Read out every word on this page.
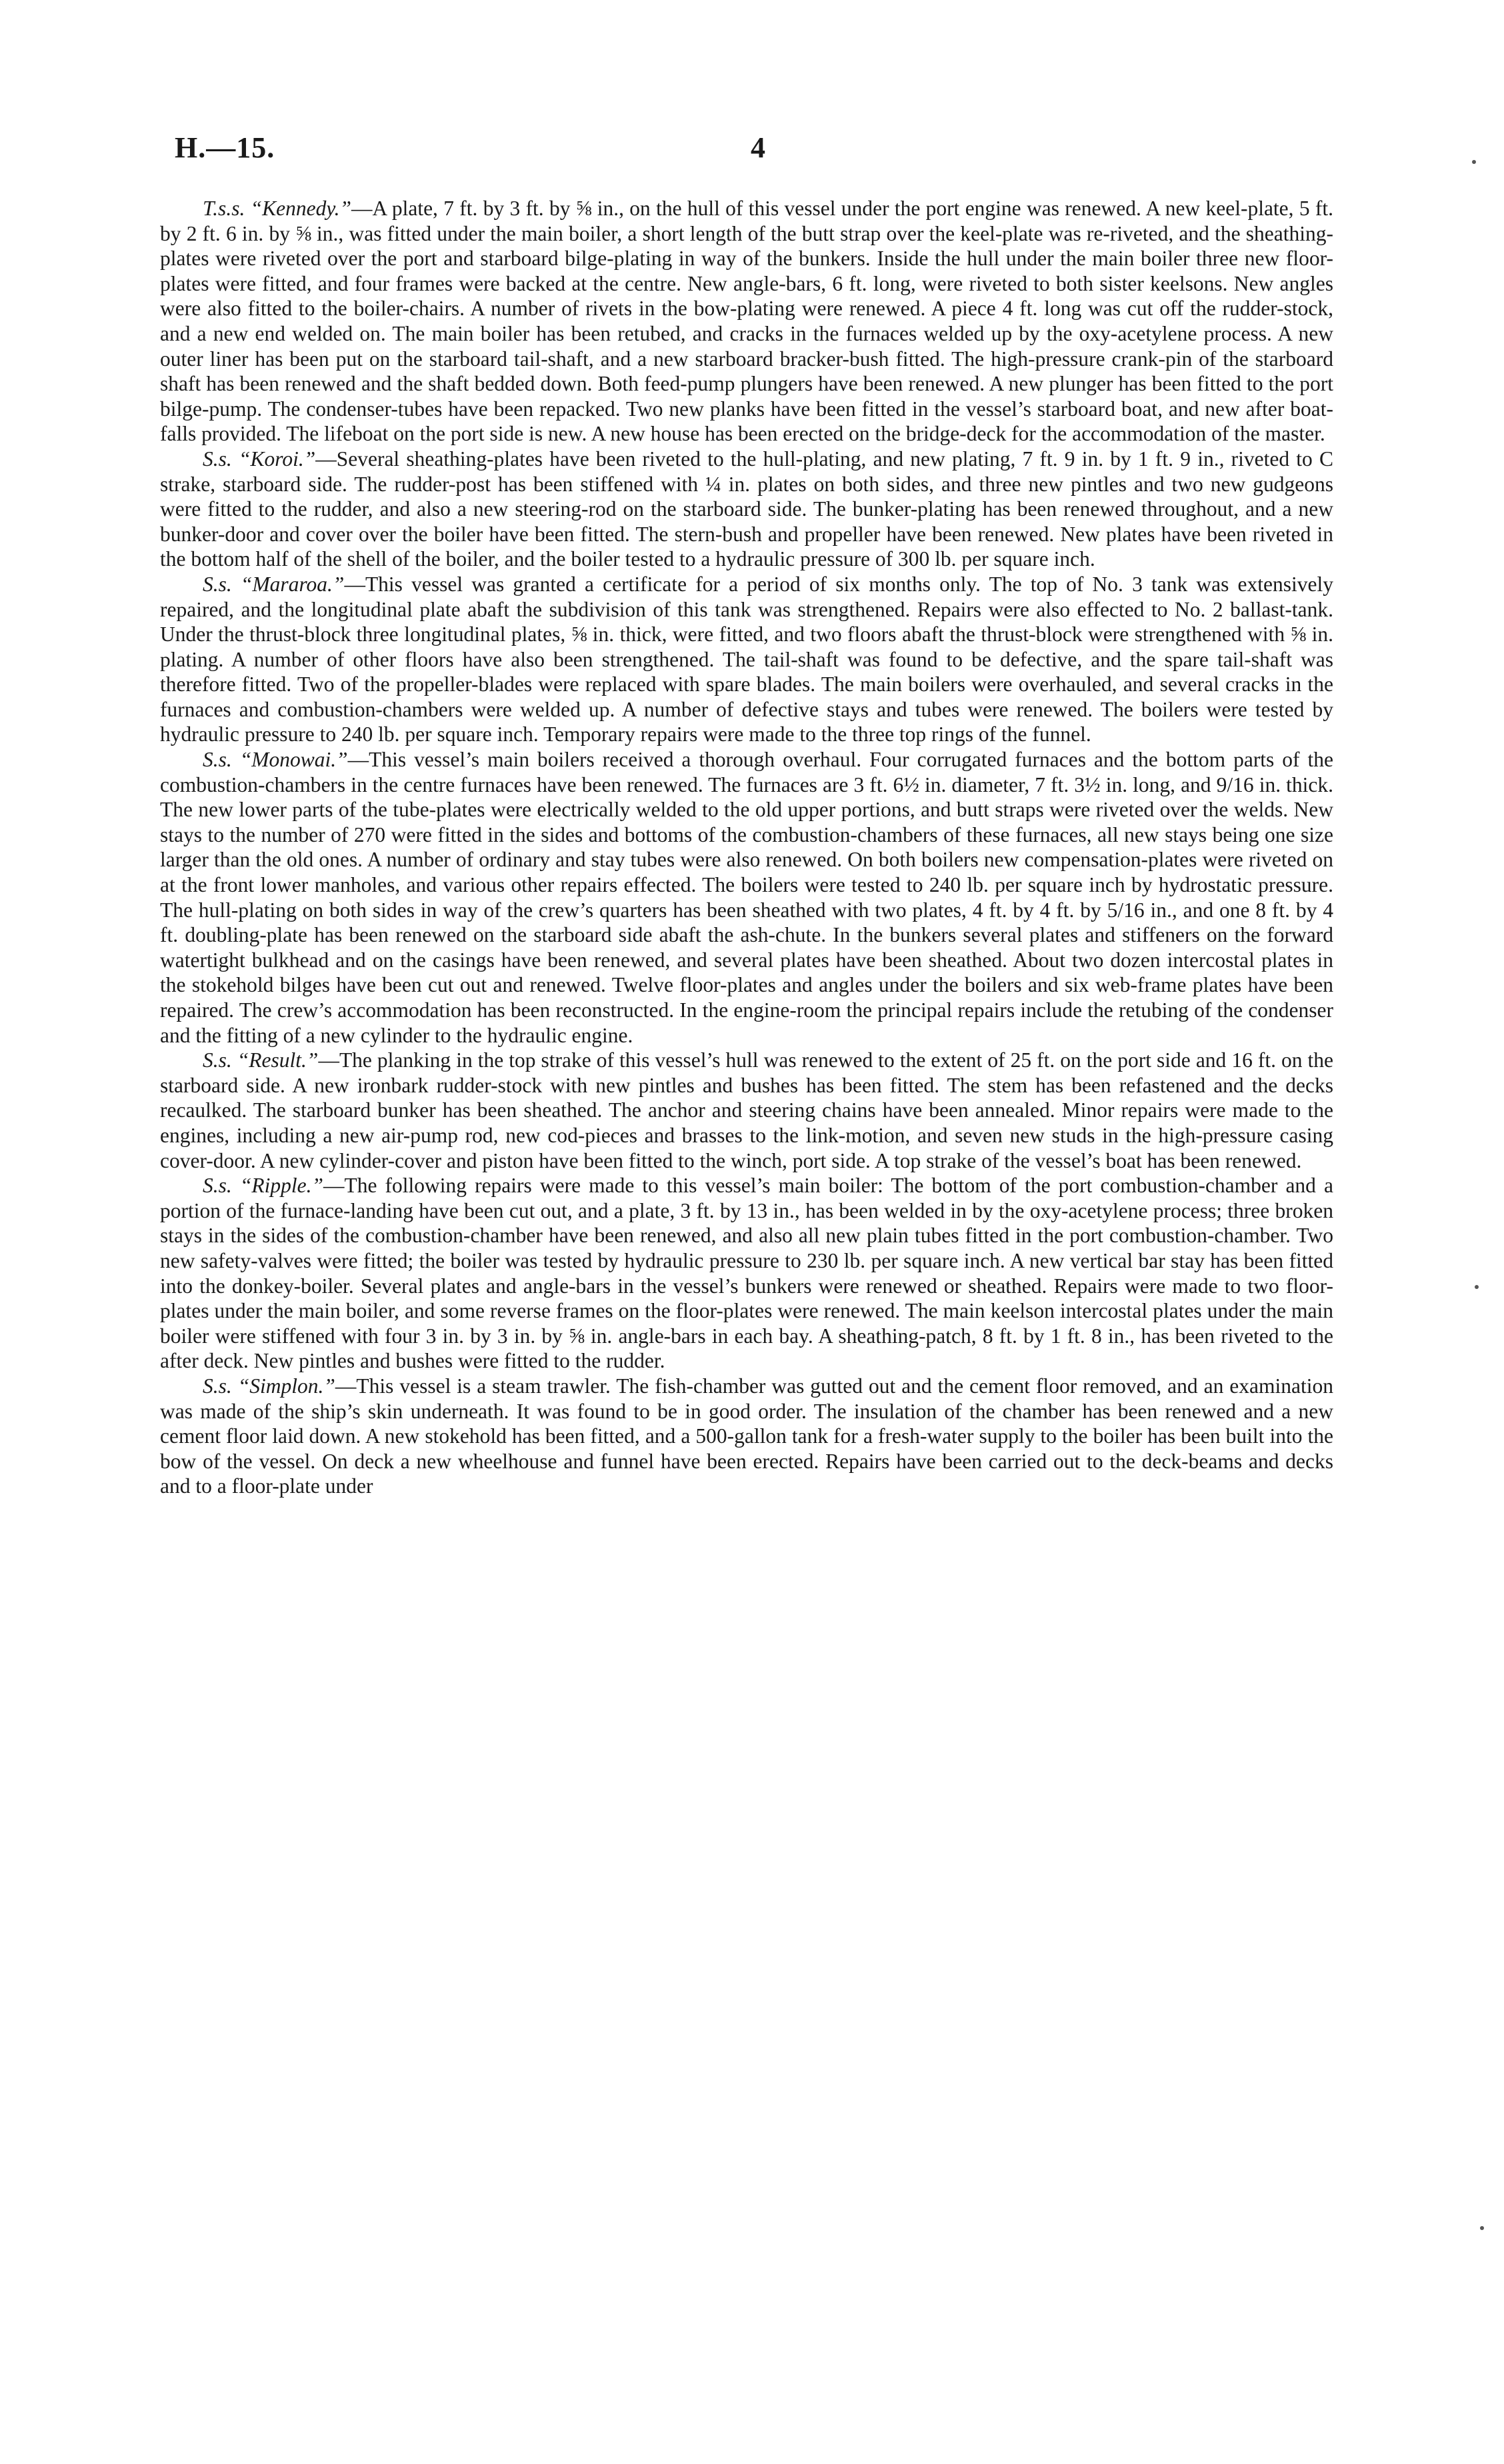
H.—15.	4

T.s.s. “Kennedy.”—A plate, 7 ft. by 3 ft. by ⅝ in., on the hull of this vessel under the port engine was renewed. A new keel-plate, 5 ft. by 2 ft. 6 in. by ⅝ in., was fitted under the main boiler, a short length of the butt strap over the keel-plate was re-riveted, and the sheathing-plates were riveted over the port and starboard bilge-plating in way of the bunkers. Inside the hull under the main boiler three new floor-plates were fitted, and four frames were backed at the centre. New angle-bars, 6 ft. long, were riveted to both sister keelsons. New angles were also fitted to the boiler-chairs. A number of rivets in the bow-plating were renewed. A piece 4 ft. long was cut off the rudder-stock, and a new end welded on. The main boiler has been retubed, and cracks in the furnaces welded up by the oxy-acetylene process. A new outer liner has been put on the starboard tail-shaft, and a new starboard bracker-bush fitted. The high-pressure crank-pin of the starboard shaft has been renewed and the shaft bedded down. Both feed-pump plungers have been renewed. A new plunger has been fitted to the port bilge-pump. The condenser-tubes have been repacked. Two new planks have been fitted in the vessel’s starboard boat, and new after boat-falls provided. The lifeboat on the port side is new. A new house has been erected on the bridge-deck for the accommodation of the master.

S.s. “Koroi.”—Several sheathing-plates have been riveted to the hull-plating, and new plating, 7 ft. 9 in. by 1 ft. 9 in., riveted to C strake, starboard side. The rudder-post has been stiffened with ¼ in. plates on both sides, and three new pintles and two new gudgeons were fitted to the rudder, and also a new steering-rod on the starboard side. The bunker-plating has been renewed throughout, and a new bunker-door and cover over the boiler have been fitted. The stern-bush and propeller have been renewed. New plates have been riveted in the bottom half of the shell of the boiler, and the boiler tested to a hydraulic pressure of 300 lb. per square inch.

S.s. “Mararoa.”—This vessel was granted a certificate for a period of six months only. The top of No. 3 tank was extensively repaired, and the longitudinal plate abaft the subdivision of this tank was strengthened. Repairs were also effected to No. 2 ballast-tank. Under the thrust-block three longitudinal plates, ⅝ in. thick, were fitted, and two floors abaft the thrust-block were strengthened with ⅝ in. plating. A number of other floors have also been strengthened. The tail-shaft was found to be defective, and the spare tail-shaft was therefore fitted. Two of the propeller-blades were replaced with spare blades. The main boilers were overhauled, and several cracks in the furnaces and combustion-chambers were welded up. A number of defective stays and tubes were renewed. The boilers were tested by hydraulic pressure to 240 lb. per square inch. Temporary repairs were made to the three top rings of the funnel.

S.s. “Monowai.”—This vessel’s main boilers received a thorough overhaul. Four corrugated furnaces and the bottom parts of the combustion-chambers in the centre furnaces have been renewed. The furnaces are 3 ft. 6½ in. diameter, 7 ft. 3½ in. long, and 9/16 in. thick. The new lower parts of the tube-plates were electrically welded to the old upper portions, and butt straps were riveted over the welds. New stays to the number of 270 were fitted in the sides and bottoms of the combustion-chambers of these furnaces, all new stays being one size larger than the old ones. A number of ordinary and stay tubes were also renewed. On both boilers new compensation-plates were riveted on at the front lower manholes, and various other repairs effected. The boilers were tested to 240 lb. per square inch by hydrostatic pressure. The hull-plating on both sides in way of the crew’s quarters has been sheathed with two plates, 4 ft. by 4 ft. by 5/16 in., and one 8 ft. by 4 ft. doubling-plate has been renewed on the starboard side abaft the ash-chute. In the bunkers several plates and stiffeners on the forward watertight bulkhead and on the casings have been renewed, and several plates have been sheathed. About two dozen intercostal plates in the stokehold bilges have been cut out and renewed. Twelve floor-plates and angles under the boilers and six web-frame plates have been repaired. The crew’s accommodation has been reconstructed. In the engine-room the principal repairs include the retubing of the condenser and the fitting of a new cylinder to the hydraulic engine.

S.s. “Result.”—The planking in the top strake of this vessel’s hull was renewed to the extent of 25 ft. on the port side and 16 ft. on the starboard side. A new ironbark rudder-stock with new pintles and bushes has been fitted. The stem has been refastened and the decks recaulked. The starboard bunker has been sheathed. The anchor and steering chains have been annealed. Minor repairs were made to the engines, including a new air-pump rod, new cod-pieces and brasses to the link-motion, and seven new studs in the high-pressure casing cover-door. A new cylinder-cover and piston have been fitted to the winch, port side. A top strake of the vessel’s boat has been renewed.

S.s. “Ripple.”—The following repairs were made to this vessel’s main boiler: The bottom of the port combustion-chamber and a portion of the furnace-landing have been cut out, and a plate, 3 ft. by 13 in., has been welded in by the oxy-acetylene process; three broken stays in the sides of the combustion-chamber have been renewed, and also all new plain tubes fitted in the port combustion-chamber. Two new safety-valves were fitted; the boiler was tested by hydraulic pressure to 230 lb. per square inch. A new vertical bar stay has been fitted into the donkey-boiler. Several plates and angle-bars in the vessel’s bunkers were renewed or sheathed. Repairs were made to two floor-plates under the main boiler, and some reverse frames on the floor-plates were renewed. The main keelson intercostal plates under the main boiler were stiffened with four 3 in. by 3 in. by ⅝ in. angle-bars in each bay. A sheathing-patch, 8 ft. by 1 ft. 8 in., has been riveted to the after deck. New pintles and bushes were fitted to the rudder.

S.s. “Simplon.”—This vessel is a steam trawler. The fish-chamber was gutted out and the cement floor removed, and an examination was made of the ship’s skin underneath. It was found to be in good order. The insulation of the chamber has been renewed and a new cement floor laid down. A new stokehold has been fitted, and a 500-gallon tank for a fresh-water supply to the boiler has been built into the bow of the vessel. On deck a new wheelhouse and funnel have been erected. Repairs have been carried out to the deck-beams and decks and to a floor-plate under
